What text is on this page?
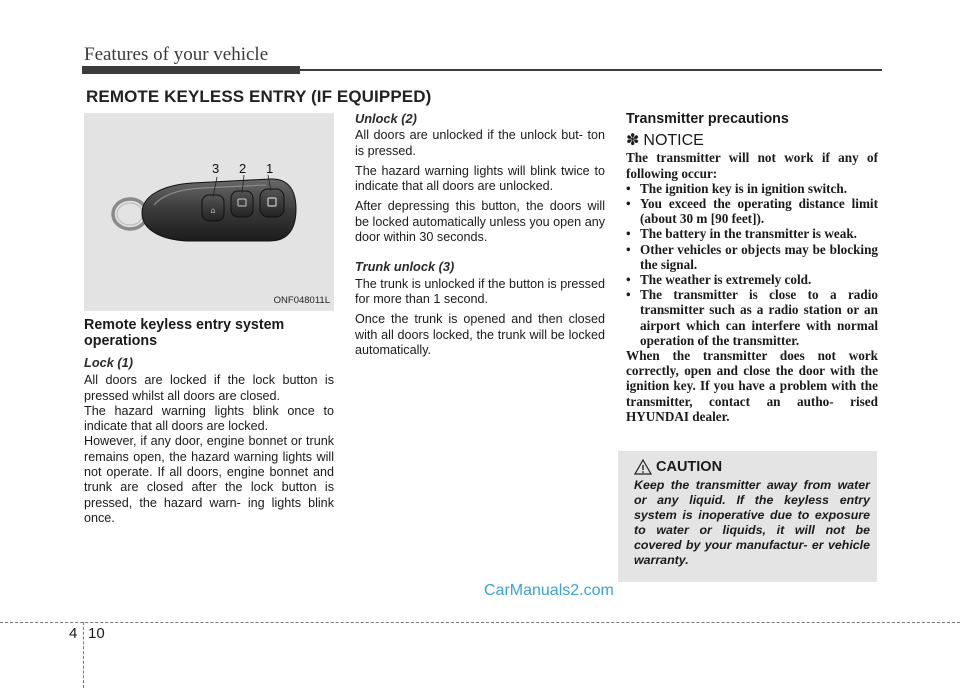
Features of your vehicle
REMOTE KEYLESS ENTRY (IF EQUIPPED)
⌂
3 2 1
ONF048011L

Remote keyless entry system operations

Lock (1)

All doors are locked if the lock button is pressed whilst all doors are closed.

The hazard warning lights blink once to indicate that all doors are locked.

However, if any door, engine bonnet or trunk remains open, the hazard warning lights will not operate. If all doors, engine bonnet and trunk are closed after the lock button is pressed, the hazard warn- ing lights blink once.

Unlock (2)

All doors are unlocked if the unlock but- ton is pressed.

The hazard warning lights will blink twice to indicate that all doors are unlocked.

After depressing this button, the doors will be locked automatically unless you open any door within 30 seconds.

Trunk unlock (3)

The trunk is unlocked if the button is pressed for more than 1 second.

Once the trunk is opened and then closed with all doors locked, the trunk will be locked automatically.

Transmitter precautions

✽ NOTICE

The transmitter will not work if any of following occur:

• The ignition key is in ignition switch.
• You exceed the operating distance limit (about 30 m [90 feet]).
• The battery in the transmitter is weak.
• Other vehicles or objects may be blocking the signal.
• The weather is extremely cold.
• The transmitter is close to a radio transmitter such as a radio station or an airport which can interfere with normal operation of the transmitter.

When the transmitter does not work correctly, open and close the door with the ignition key. If you have a problem with the transmitter, contact an autho- rised HYUNDAI dealer.

CAUTION
Keep the transmitter away from water or any liquid. If the keyless entry system is inoperative due to exposure to water or liquids, it will not be covered by your manufactur- er vehicle warranty.
CarManuals2.com
4 10
